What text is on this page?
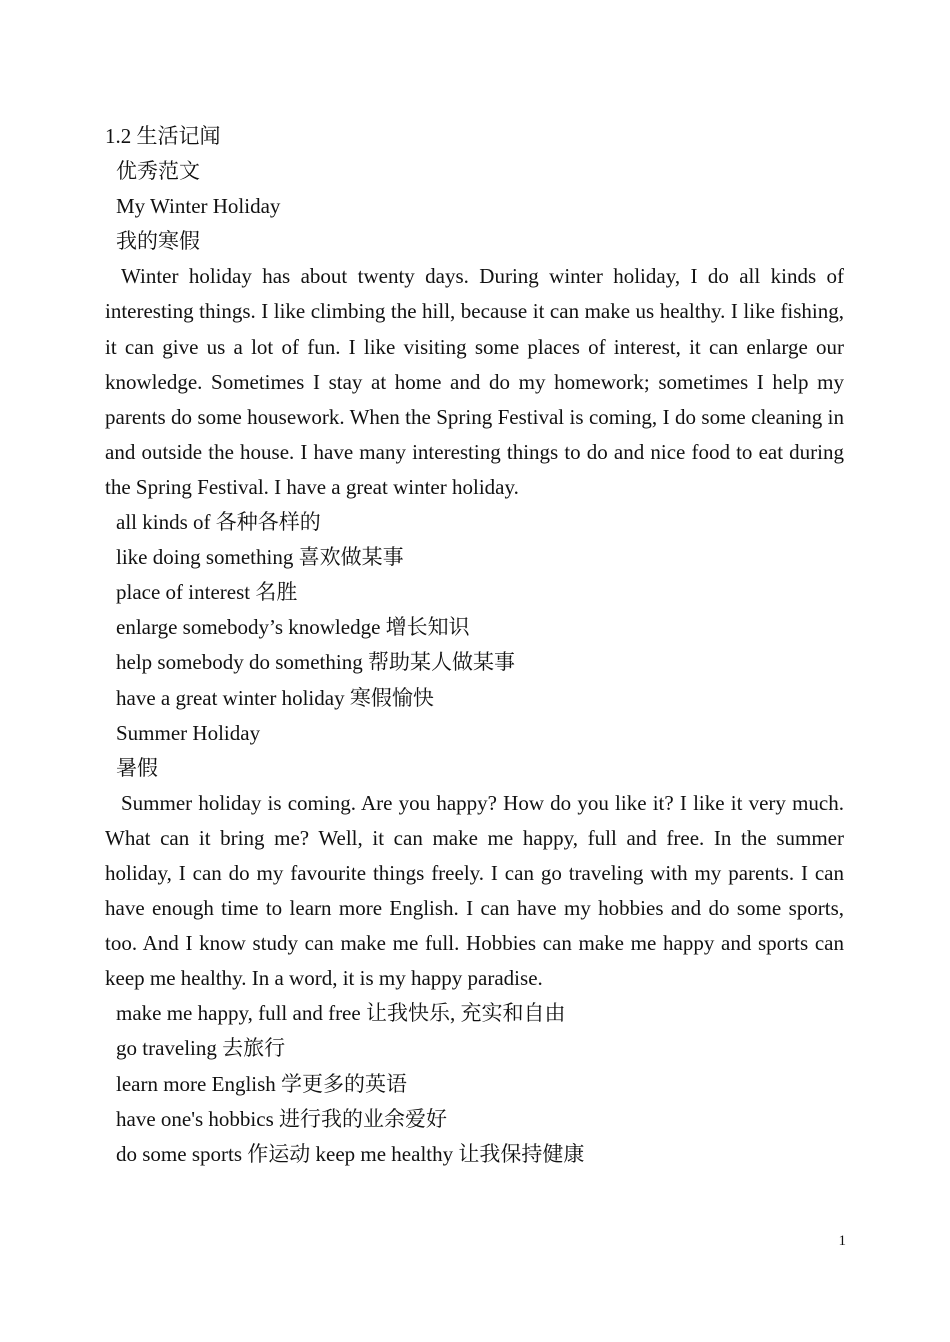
1.2 生活记闻

优秀范文

My Winter Holiday

我的寒假

Winter holiday has about twenty days. During winter holiday, I do all kinds of interesting things. I like climbing the hill, because it can make us healthy. I like fishing, it can give us a lot of fun. I like visiting some places of interest, it can enlarge our knowledge. Sometimes I stay at home and do my homework; sometimes I help my parents do some housework. When the Spring Festival is coming, I do some cleaning in and outside the house. I have many interesting things to do and nice food to eat during the Spring Festival. I have a great winter holiday.

all kinds of 各种各样的

like doing something 喜欢做某事

place of interest 名胜

enlarge somebody’s knowledge 增长知识

help somebody do something 帮助某人做某事

have a great winter holiday 寒假愉快

Summer Holiday

暑假

Summer holiday is coming. Are you happy? How do you like it? I like it very much. What can it bring me? Well, it can make me happy, full and free. In the summer holiday, I can do my favourite things freely. I can go traveling with my parents. I can have enough time to learn more English. I can have my hobbies and do some sports, too. And I know study can make me full. Hobbies can make me happy and sports can keep me healthy. In a word, it is my happy paradise.

make me happy, full and free 让我快乐, 充实和自由

go traveling 去旅行

learn more English 学更多的英语

have one's hobbics 进行我的业余爱好

do some sports 作运动 keep me healthy 让我保持健康

1
